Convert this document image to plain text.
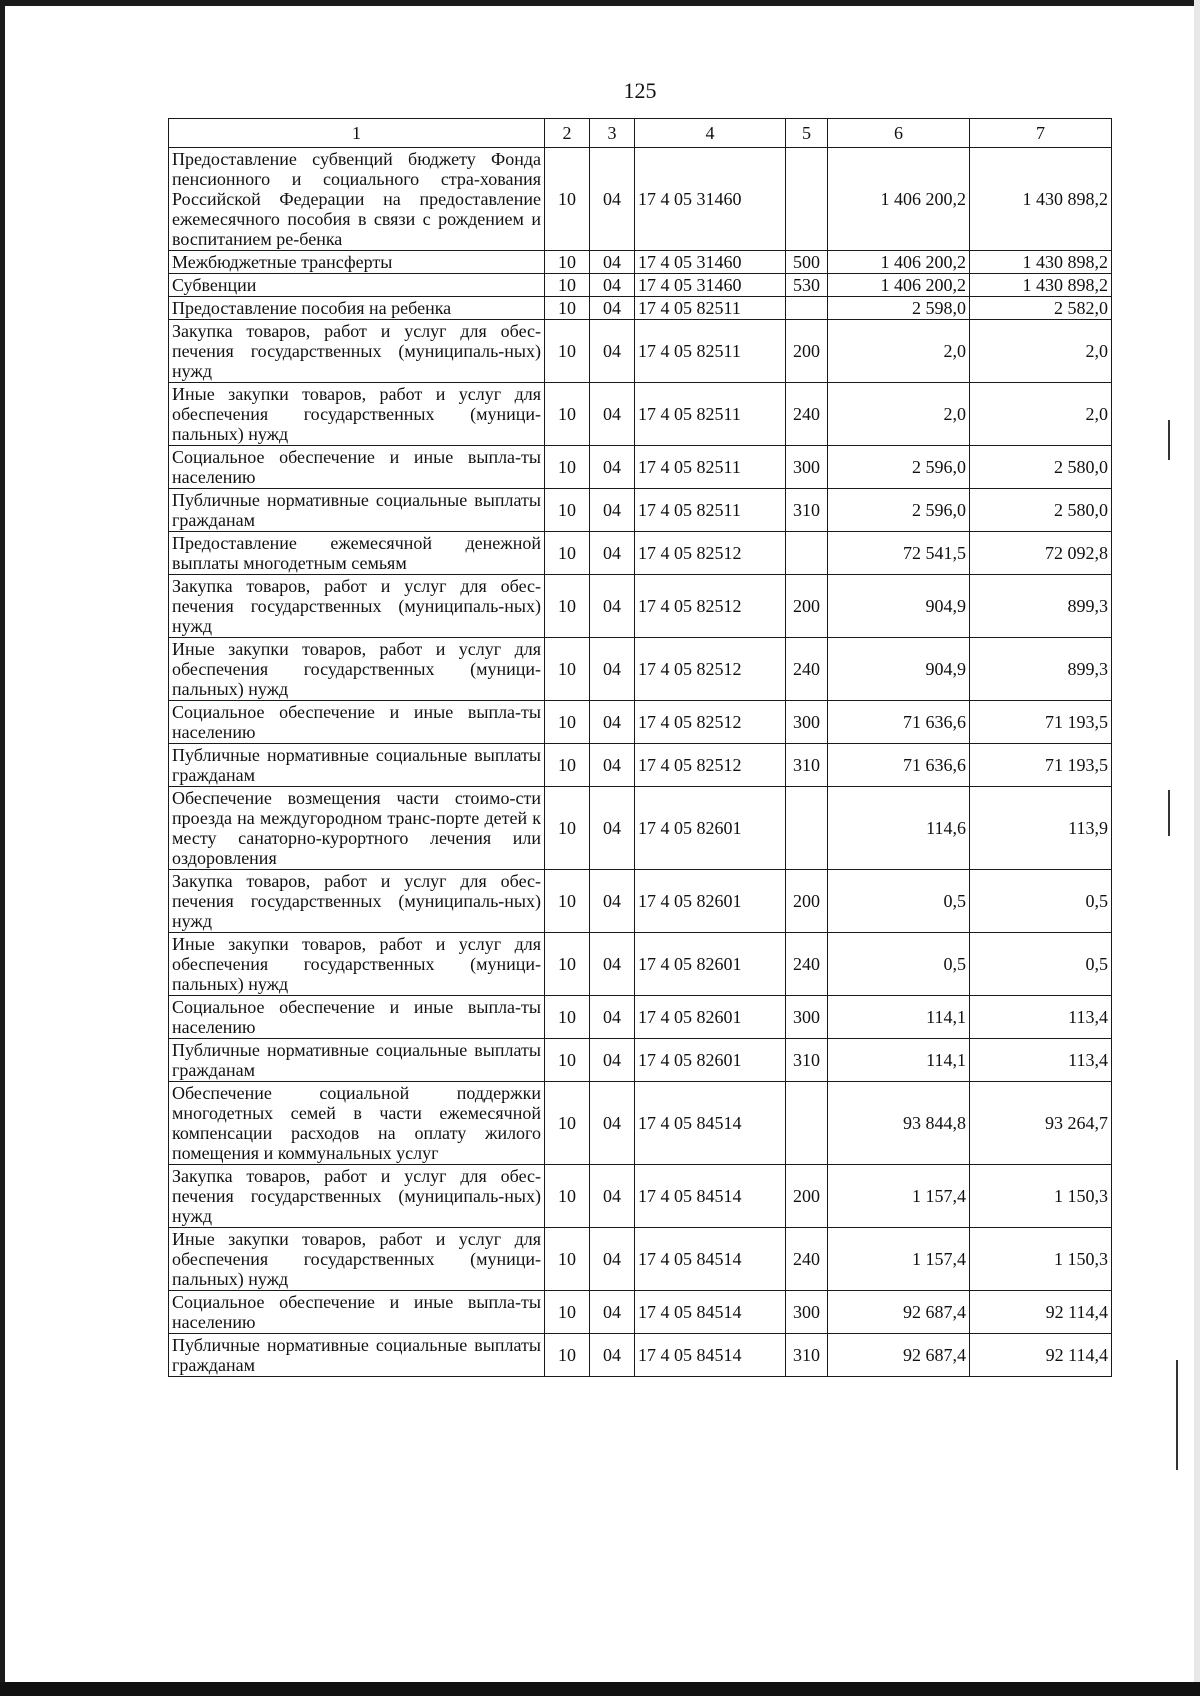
125
1	2	3	4	5	6	7
Предоставление субвенций бюджету Фонда пенсионного и социального стра-хования Российской Федерации на предоставление ежемесячного пособия в связи с рождением и воспитанием ре-бенка	10	04	17 4 05 31460		1 406 200,2	1 430 898,2
Межбюджетные трансферты	10	04	17 4 05 31460	500	1 406 200,2	1 430 898,2
Субвенции	10	04	17 4 05 31460	530	1 406 200,2	1 430 898,2
Предоставление пособия на ребенка	10	04	17 4 05 82511		2 598,0	2 582,0
Закупка товаров, работ и услуг для обес-печения государственных (муниципаль-ных) нужд	10	04	17 4 05 82511	200	2,0	2,0
Иные закупки товаров, работ и услуг для обеспечения государственных (муници-пальных) нужд	10	04	17 4 05 82511	240	2,0	2,0
Социальное обеспечение и иные выпла-ты населению	10	04	17 4 05 82511	300	2 596,0	2 580,0
Публичные нормативные социальные выплаты гражданам	10	04	17 4 05 82511	310	2 596,0	2 580,0
Предоставление ежемесячной денежной выплаты многодетным семьям	10	04	17 4 05 82512		72 541,5	72 092,8
Закупка товаров, работ и услуг для обес-печения государственных (муниципаль-ных) нужд	10	04	17 4 05 82512	200	904,9	899,3
Иные закупки товаров, работ и услуг для обеспечения государственных (муници-пальных) нужд	10	04	17 4 05 82512	240	904,9	899,3
Социальное обеспечение и иные выпла-ты населению	10	04	17 4 05 82512	300	71 636,6	71 193,5
Публичные нормативные социальные выплаты гражданам	10	04	17 4 05 82512	310	71 636,6	71 193,5
Обеспечение возмещения части стоимо-сти проезда на междугородном транс-порте детей к месту санаторно-курортного лечения или оздоровления	10	04	17 4 05 82601		114,6	113,9
Закупка товаров, работ и услуг для обес-печения государственных (муниципаль-ных) нужд	10	04	17 4 05 82601	200	0,5	0,5
Иные закупки товаров, работ и услуг для обеспечения государственных (муници-пальных) нужд	10	04	17 4 05 82601	240	0,5	0,5
Социальное обеспечение и иные выпла-ты населению	10	04	17 4 05 82601	300	114,1	113,4
Публичные нормативные социальные выплаты гражданам	10	04	17 4 05 82601	310	114,1	113,4
Обеспечение социальной поддержки многодетных семей в части ежемесячной компенсации расходов на оплату жилого помещения и коммунальных услуг	10	04	17 4 05 84514		93 844,8	93 264,7
Закупка товаров, работ и услуг для обес-печения государственных (муниципаль-ных) нужд	10	04	17 4 05 84514	200	1 157,4	1 150,3
Иные закупки товаров, работ и услуг для обеспечения государственных (муници-пальных) нужд	10	04	17 4 05 84514	240	1 157,4	1 150,3
Социальное обеспечение и иные выпла-ты населению	10	04	17 4 05 84514	300	92 687,4	92 114,4
Публичные нормативные социальные выплаты гражданам	10	04	17 4 05 84514	310	92 687,4	92 114,4
